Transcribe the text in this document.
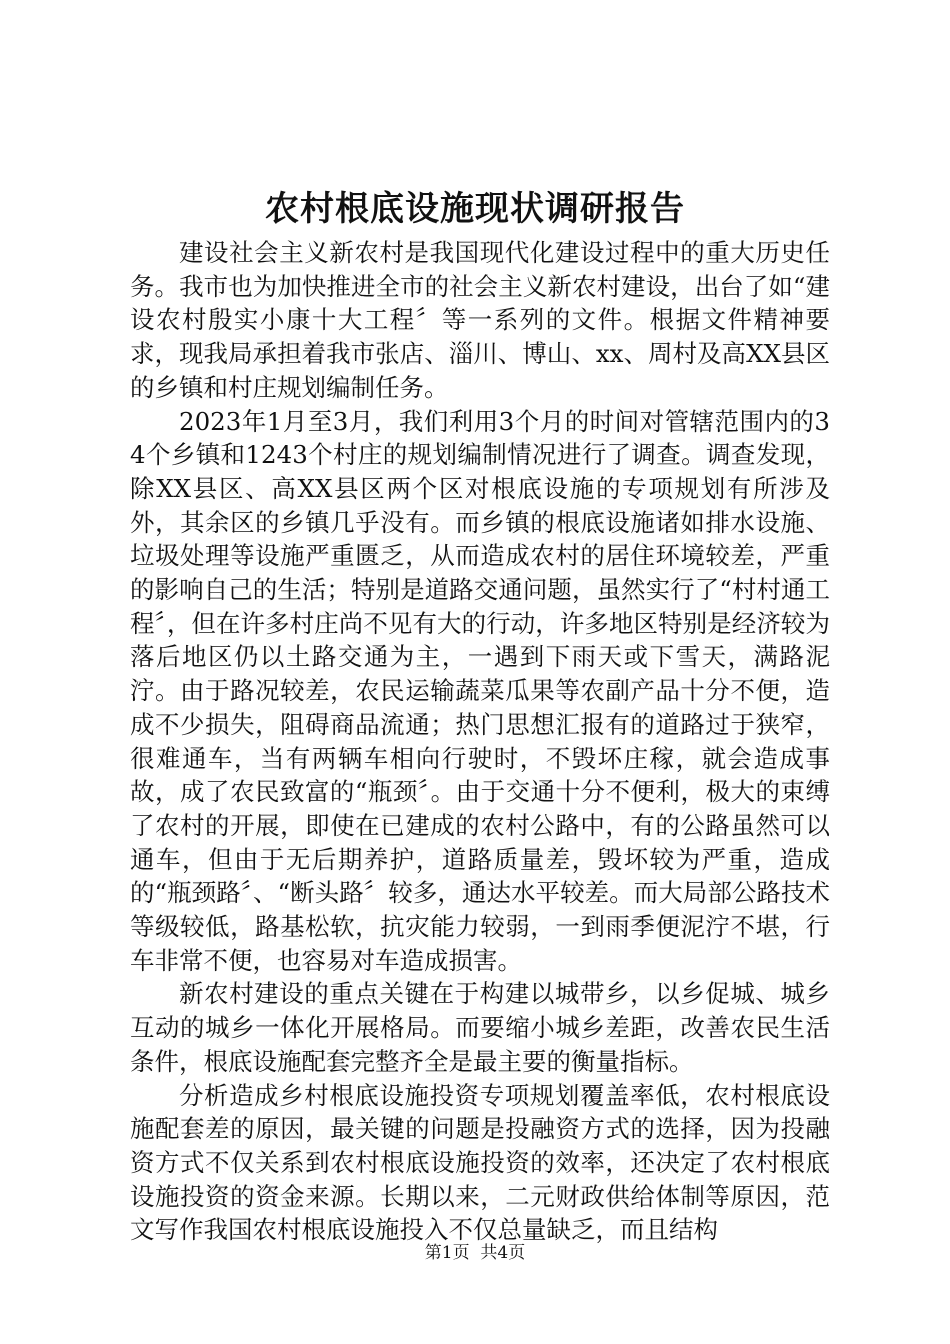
农村根底设施现状调研报告

建设社会主义新农村是我国现代化建设过程中的重大历史任务。我市也为加快推进全市的社会主义新农村建设，出台了如“建设农村殷实小康十大工程〞等一系列的文件。根据文件精神要求，现我局承担着我市张店、淄川、博山、xx、周村及高XX县区的乡镇和村庄规划编制任务。

2023年1月至3月，我们利用3个月的时间对管辖范围内的34个乡镇和1243个村庄的规划编制情况进行了调查。调查发现，除XX县区、高XX县区两个区对根底设施的专项规划有所涉及外，其余区的乡镇几乎没有。而乡镇的根底设施诸如排水设施、垃圾处理等设施严重匮乏，从而造成农村的居住环境较差，严重的影响自己的生活；特别是道路交通问题，虽然实行了“村村通工程〞，但在许多村庄尚不见有大的行动，许多地区特别是经济较为落后地区仍以土路交通为主，一遇到下雨天或下雪天，满路泥泞。由于路况较差，农民运输蔬菜瓜果等农副产品十分不便，造成不少损失，阻碍商品流通；热门思想汇报有的道路过于狭窄，很难通车，当有两辆车相向行驶时，不毁坏庄稼，就会造成事故，成了农民致富的“瓶颈〞。由于交通十分不便利，极大的束缚了农村的开展，即使在已建成的农村公路中，有的公路虽然可以通车，但由于无后期养护，道路质量差，毁坏较为严重，造成的“瓶颈路〞、“断头路〞较多，通达水平较差。而大局部公路技术等级较低，路基松软，抗灾能力较弱，一到雨季便泥泞不堪，行车非常不便，也容易对车造成损害。

新农村建设的重点关键在于构建以城带乡，以乡促城、城乡互动的城乡一体化开展格局。而要缩小城乡差距，改善农民生活条件，根底设施配套完整齐全是最主要的衡量指标。

分析造成乡村根底设施投资专项规划覆盖率低，农村根底设施配套差的原因，最关键的问题是投融资方式的选择，因为投融资方式不仅关系到农村根底设施投资的效率，还决定了农村根底设施投资的资金来源。长期以来，二元财政供给体制等原因，范文写作我国农村根底设施投入不仅总量缺乏，而且结构

第1页 共4页
